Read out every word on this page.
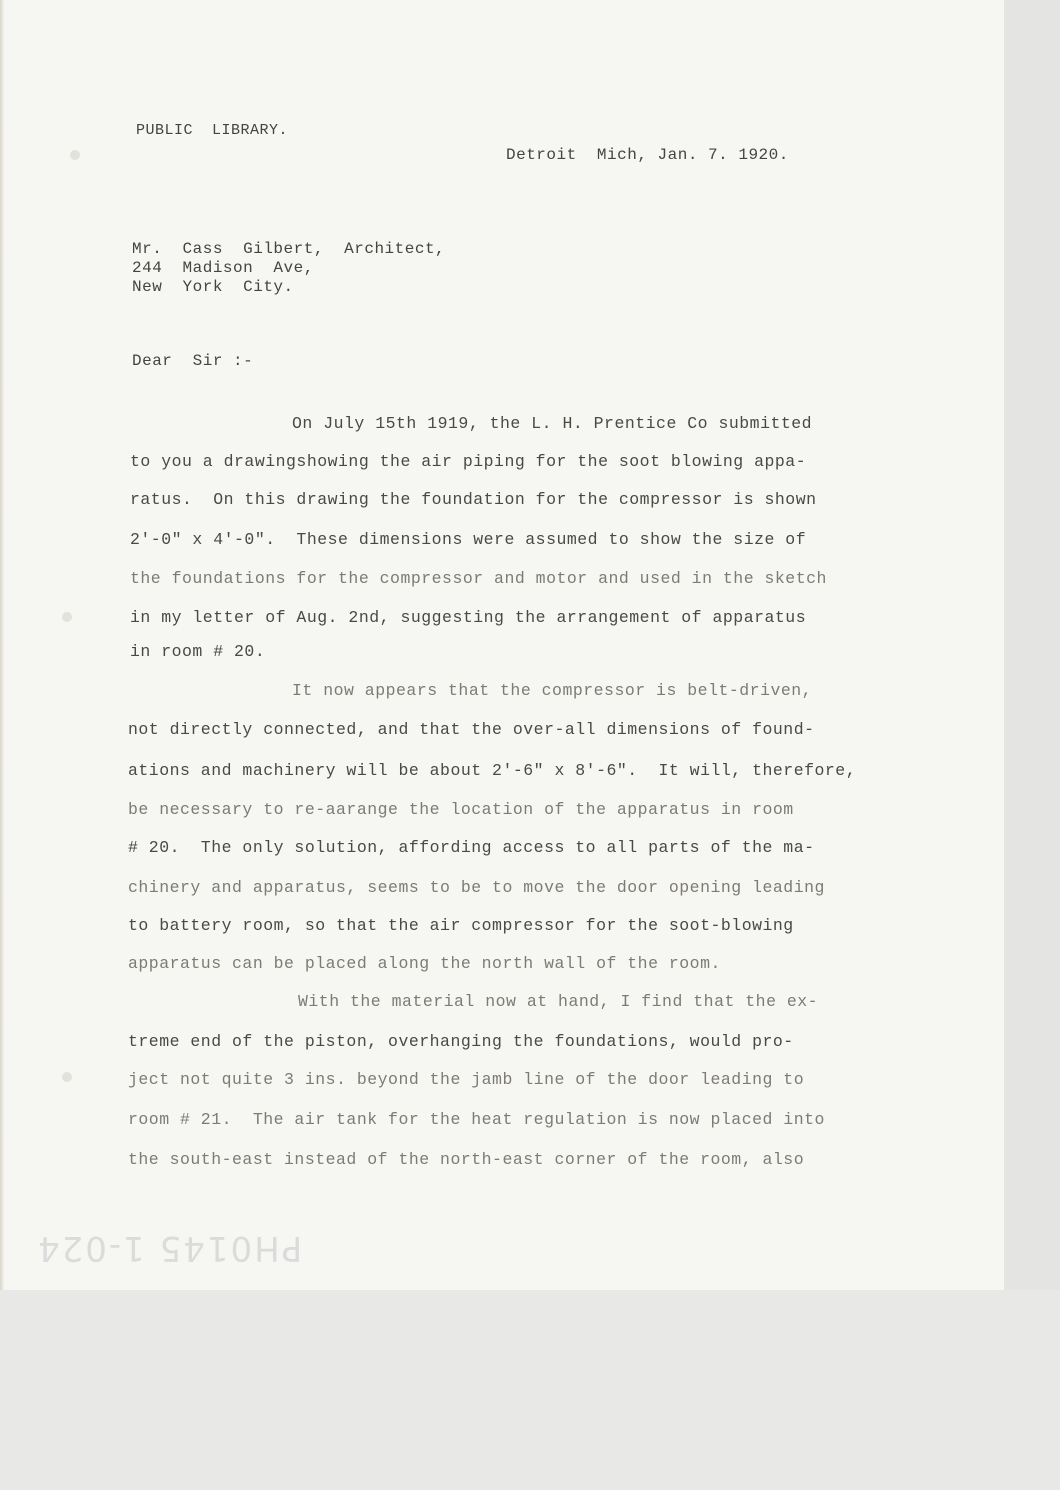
PUBLIC  LIBRARY.
Detroit  Mich, Jan. 7. 1920.
Mr.  Cass  Gilbert,  Architect,
244  Madison  Ave,
New  York  City.
Dear  Sir :-
On July 15th 1919, the L. H. Prentice Co submitted
to you a drawingshowing the air piping for the soot blowing appa-
ratus.  On this drawing the foundation for the compressor is shown
2'-0" x 4'-0".  These dimensions were assumed to show the size of
the foundations for the compressor and motor and used in the sketch
in my letter of Aug. 2nd, suggesting the arrangement of apparatus
in room # 20.
It now appears that the compressor is belt-driven,
not directly connected, and that the over-all dimensions of found-
ations and machinery will be about 2'-6" x 8'-6".  It will, therefore,
be necessary to re-aarange the location of the apparatus in room
# 20.  The only solution, affording access to all parts of the ma-
chinery and apparatus, seems to be to move the door opening leading
to battery room, so that the air compressor for the soot-blowing
apparatus can be placed along the north wall of the room.
With the material now at hand, I find that the ex-
treme end of the piston, overhanging the foundations, would pro-
ject not quite 3 ins. beyond the jamb line of the door leading to
room # 21.  The air tank for the heat regulation is now placed into
the south-east instead of the north-east corner of the room, also
PH0145 1-024
